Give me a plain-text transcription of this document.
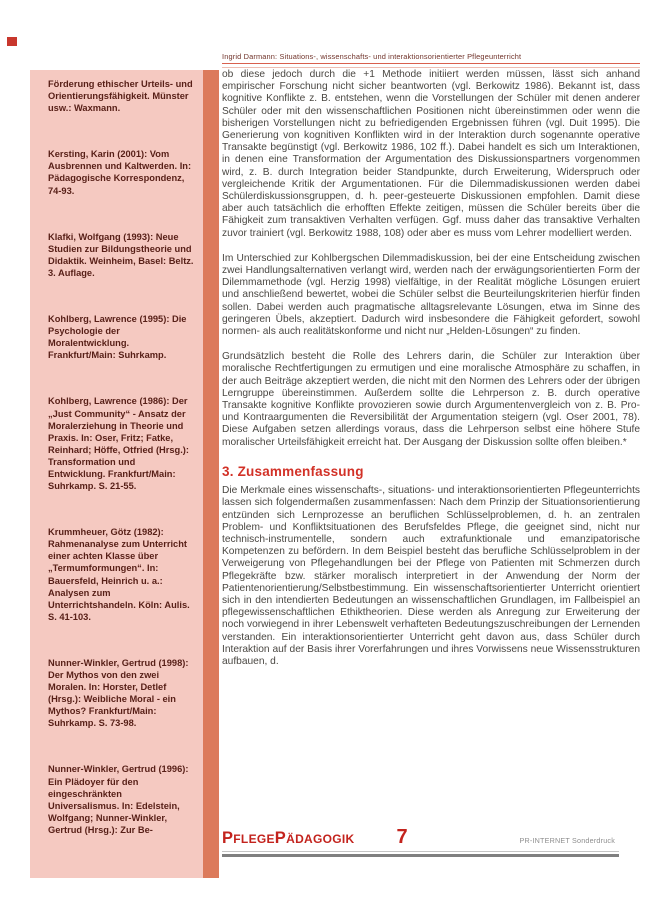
Ingrid Darmann: Situations-, wissenschafts- und interaktionsorientierter Pflegeunterricht

Förderung ethischer Urteils- und Orientierungsfähigkeit. Münster usw.: Waxmann.

Kersting, Karin (2001): Vom Ausbrennen und Kaltwerden. In: Pädagogische Korrespondenz, 74-93.

Klafki, Wolfgang (1993): Neue Studien zur Bildungstheorie und Didaktik. Weinheim, Basel: Beltz. 3. Auflage.

Kohlberg, Lawrence (1995): Die Psychologie der Moralentwicklung. Frankfurt/Main: Suhrkamp.

Kohlberg, Lawrence (1986): Der „Just Community“ - Ansatz der Moralerziehung in Theorie und Praxis. In: Oser, Fritz; Fatke, Reinhard; Höffe, Otfried (Hrsg.): Transformation und Entwicklung. Frankfurt/Main: Suhrkamp. S. 21-55.

Krummheuer, Götz (1982): Rahmenanalyse zum Unterricht einer achten Klasse über „Termumformungen“. In: Bauersfeld, Heinrich u. a.: Analysen zum Unterrichtshandeln. Köln: Aulis. S. 41-103.

Nunner-Winkler, Gertrud (1998): Der Mythos von den zwei Moralen. In: Horster, Detlef (Hrsg.): Weibliche Moral - ein Mythos? Frankfurt/Main: Suhrkamp. S. 73-98.

Nunner-Winkler, Gertrud (1996): Ein Plädoyer für den eingeschränkten Universalismus. In: Edelstein, Wolfgang; Nunner-Winkler, Gertrud (Hrsg.): Zur Be-

ob diese jedoch durch die +1 Methode initiiert werden müssen, lässt sich anhand empirischer Forschung nicht sicher beantworten (vgl. Berkowitz 1986). Bekannt ist, dass kognitive Konflikte z. B. entstehen, wenn die Vorstellungen der Schüler mit denen anderer Schüler oder mit den wissenschaftlichen Positionen nicht übereinstimmen oder wenn die bisherigen Vorstellungen nicht zu befriedigenden Ergebnissen führen (vgl. Duit 1995). Die Generierung von kognitiven Konflikten wird in der Interaktion durch sogenannte operative Transakte begünstigt (vgl. Berkowitz 1986, 102 ff.). Dabei handelt es sich um Interaktionen, in denen eine Transformation der Argumentation des Diskussionspartners vorgenommen wird, z. B. durch Integration beider Standpunkte, durch Erweiterung, Widerspruch oder vergleichende Kritik der Argumentationen. Für die Dilemmadiskussionen werden dabei Schülerdiskussionsgruppen, d. h. peer-gesteuerte Diskussionen empfohlen. Damit diese aber auch tatsächlich die erhofften Effekte zeitigen, müssen die Schüler bereits über die Fähigkeit zum transaktiven Verhalten verfügen. Ggf. muss daher das transaktive Verhalten zuvor trainiert (vgl. Berkowitz 1988, 108) oder aber es muss vom Lehrer modelliert werden.

Im Unterschied zur Kohlbergschen Dilemmadiskussion, bei der eine Entscheidung zwischen zwei Handlungsalternativen verlangt wird, werden nach der erwägungsorientierten Form der Dilemmamethode (vgl. Herzig 1998) vielfältige, in der Realität mögliche Lösungen eruiert und anschließend bewertet, wobei die Schüler selbst die Beurteilungskriterien hierfür finden sollen. Dabei werden auch pragmatische alltagsrelevante Lösungen, etwa im Sinne des geringeren Übels, akzeptiert. Dadurch wird insbesondere die Fähigkeit gefordert, sowohl normen- als auch realitätskonforme und nicht nur „Helden-Lösungen“ zu finden.

Grundsätzlich besteht die Rolle des Lehrers darin, die Schüler zur Interaktion über moralische Rechtfertigungen zu ermutigen und eine moralische Atmosphäre zu schaffen, in der auch Beiträge akzeptiert werden, die nicht mit den Normen des Lehrers oder der übrigen Lerngruppe übereinstimmen. Außerdem sollte die Lehrperson z. B. durch operative Transakte kognitive Konflikte provozieren sowie durch Argumentenvergleich von z. B. Pro- und Kontraargumenten die Reversibilität der Argumentation steigern (vgl. Oser 2001, 78). Diese Aufgaben setzen allerdings voraus, dass die Lehrperson selbst eine höhere Stufe moralischer Urteilsfähigkeit erreicht hat. Der Ausgang der Diskussion sollte offen bleiben.*

3. Zusammenfassung

Die Merkmale eines wissenschafts-, situations- und interaktionsorientierten Pflegeunterrichts lassen sich folgendermaßen zusammenfassen: Nach dem Prinzip der Situationsorientierung entzünden sich Lernprozesse an beruflichen Schlüsselproblemen, d. h. an zentralen Problem- und Konfliktsituationen des Berufsfeldes Pflege, die geeignet sind, nicht nur technisch-instrumentelle, sondern auch extrafunktionale und emanzipatorische Kompetenzen zu befördern. In dem Beispiel besteht das berufliche Schlüsselproblem in der Verweigerung von Pflegehandlungen bei der Pflege von Patienten mit Schmerzen durch Pflegekräfte bzw. stärker moralisch interpretiert in der Anwendung der Norm der Patientenorientierung/Selbstbestimmung. Ein wissenschaftsorientierter Unterricht orientiert sich in den intendierten Bedeutungen an wissenschaftlichen Grundlagen, im Fallbeispiel an pflegewissenschaftlichen Ethiktheorien. Diese werden als Anregung zur Erweiterung der noch vorwiegend in ihrer Lebenswelt verhafteten Bedeutungszuschreibungen der Lernenden verstanden. Ein interaktionsorientierter Unterricht geht davon aus, dass Schüler durch Interaktion auf der Basis ihrer Vorerfahrungen und ihres Vorwissens neue Wissensstrukturen aufbauen, d.

PflegePädagogik 7	PR-INTERNET Sonderdruck
